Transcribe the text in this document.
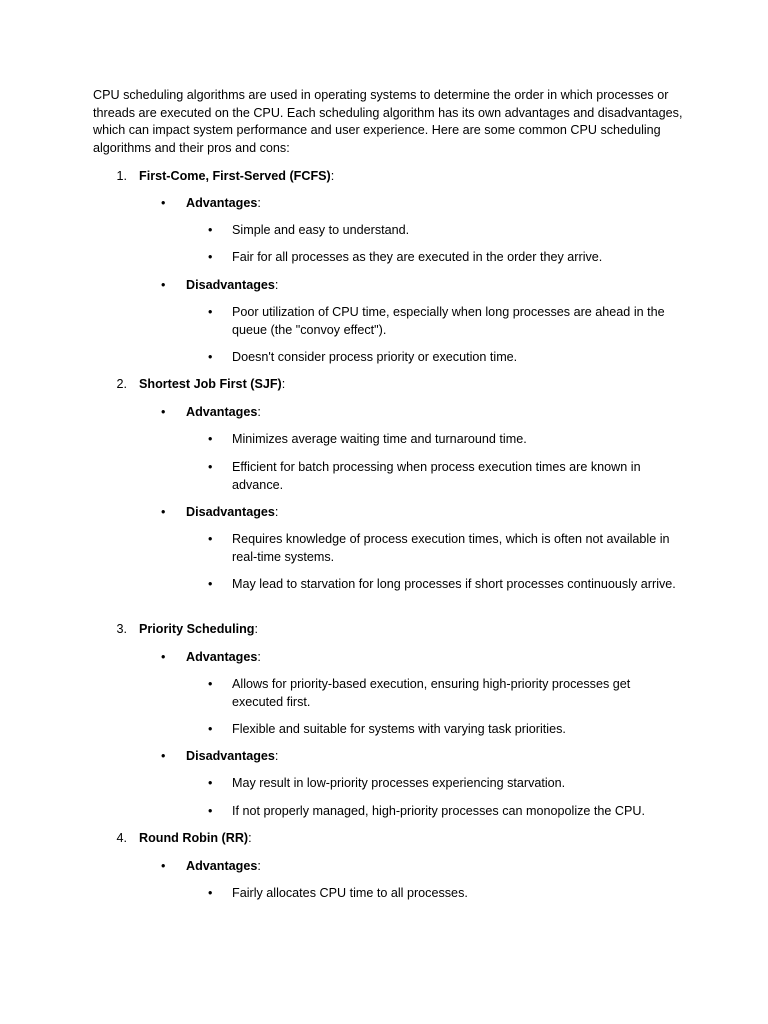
CPU scheduling algorithms are used in operating systems to determine the order in which processes or threads are executed on the CPU. Each scheduling algorithm has its own advantages and disadvantages, which can impact system performance and user experience. Here are some common CPU scheduling algorithms and their pros and cons:

1. First-Come, First-Served (FCFS):
• Advantages:
• Simple and easy to understand.
• Fair for all processes as they are executed in the order they arrive.
• Disadvantages:
• Poor utilization of CPU time, especially when long processes are ahead in the queue (the "convoy effect").
• Doesn't consider process priority or execution time.
2. Shortest Job First (SJF):
• Advantages:
• Minimizes average waiting time and turnaround time.
• Efficient for batch processing when process execution times are known in advance.
• Disadvantages:
• Requires knowledge of process execution times, which is often not available in real-time systems.
• May lead to starvation for long processes if short processes continuously arrive.
3. Priority Scheduling:
• Advantages:
• Allows for priority-based execution, ensuring high-priority processes get executed first.
• Flexible and suitable for systems with varying task priorities.
• Disadvantages:
• May result in low-priority processes experiencing starvation.
• If not properly managed, high-priority processes can monopolize the CPU.
4. Round Robin (RR):
• Advantages:
• Fairly allocates CPU time to all processes.
